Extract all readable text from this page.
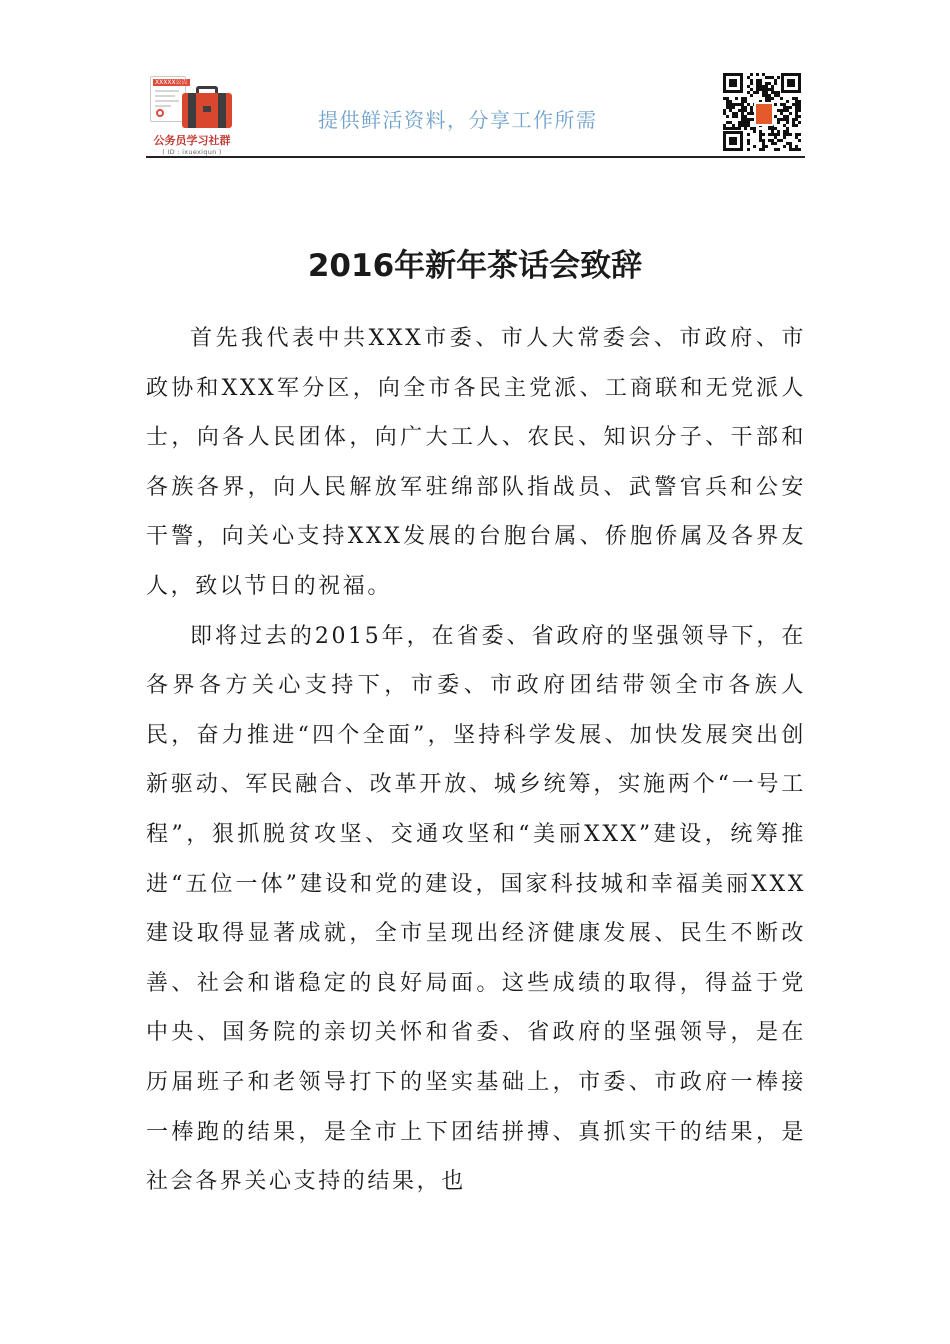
XXXXX公告
公务员学习社群
( ID : ixuexiqun )
提供鲜活资料，分享工作所需
2016年新年茶话会致辞

首先我代表中共XXX市委、市人大常委会、市政府、市政协和XXX军分区，向全市各民主党派、工商联和无党派人士，向各人民团体，向广大工人、农民、知识分子、干部和各族各界，向人民解放军驻绵部队指战员、武警官兵和公安干警，向关心支持XXX发展的台胞台属、侨胞侨属及各界友人，致以节日的祝福。

即将过去的2015年，在省委、省政府的坚强领导下，在各界各方关心支持下，市委、市政府团结带领全市各族人民，奋力推进“四个全面”，坚持科学发展、加快发展突出创新驱动、军民融合、改革开放、城乡统筹，实施两个“一号工程”，狠抓脱贫攻坚、交通攻坚和“美丽XXX”建设，统筹推进“五位一体”建设和党的建设，国家科技城和幸福美丽XXX建设取得显著成就，全市呈现出经济健康发展、民生不断改善、社会和谐稳定的良好局面。这些成绩的取得，得益于党中央、国务院的亲切关怀和省委、省政府的坚强领导，是在历届班子和老领导打下的坚实基础上，市委、市政府一棒接一棒跑的结果，是全市上下团结拼搏、真抓实干的结果，是社会各界关心支持的结果，也
